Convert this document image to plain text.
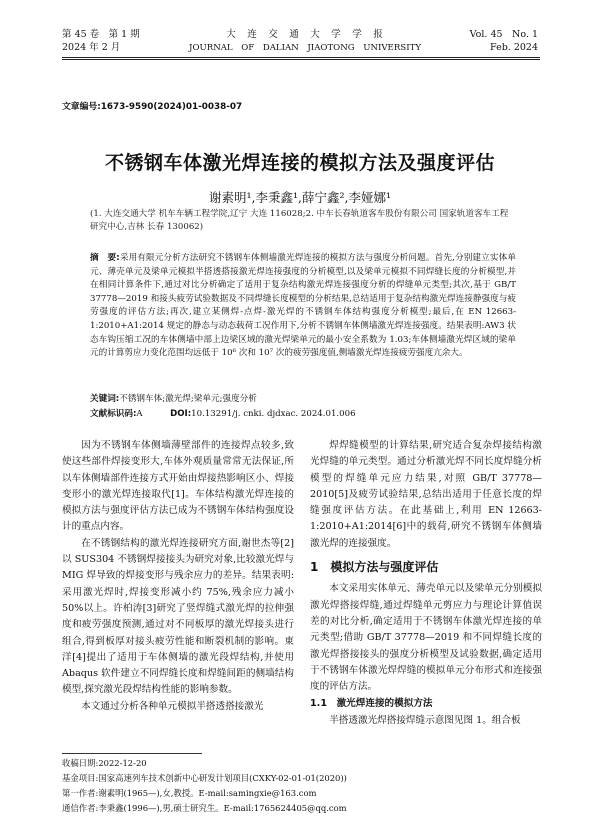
第 45 卷　第 1 期
2024 年 2 月
大　连　交　通　大　学　学　报
JOURNAL　OF　DALIAN　JIAOTONG　UNIVERSITY
Vol. 45　No. 1
Feb. 2024
文章编号:1673-9590(2024)01-0038-07
不锈钢车体激光焊连接的模拟方法及强度评估
谢素明¹,李秉鑫¹,薛宁鑫²,李娅娜¹
(1. 大连交通大学 机车车辆工程学院,辽宁 大连 116028;2. 中车长春轨道客车股份有限公司 国家轨道客车工程研究中心,吉林 长春 130062)
摘　要:采用有限元分析方法研究不锈钢车体侧墙激光焊连接的模拟方法与强度分析问题。首先,分别建立实体单元、薄壳单元及梁单元模拟半搭透搭接激光焊连接强度的分析模型,以及梁单元模拟不同焊缝长度的分析模型,并在相同计算条件下,通过对比分析确定了适用于复杂结构激光焊连接强度分析的焊缝单元类型;其次,基于 GB/T 37778—2019 和接头疲劳试验数据及不同焊缝长度模型的分析结果,总结适用于复杂结构激光焊连接静强度与疲劳强度的评估方法;再次,建立某侧焊-点焊-激光焊的不锈钢车体结构强度分析模型;最后,在 EN 12663-1:2010+A1:2014 规定的静态与动态载荷工况作用下,分析不锈钢车体侧墙激光焊连接强度。结果表明:AW3 状态车钩压缩工况的车体侧墙中部上边梁区域的激光焊梁单元的最小安全系数为 1.03;车体侧墙激光焊区域的梁单元的计算剪应力变化范围均远低于 10⁶ 次和 10⁷ 次的疲劳强度值,侧墙激光焊连接疲劳强度亢余大。
关键词:不锈钢车体;激光焊;梁单元;强度分析
文献标识码:A	DOI:10.13291/j. cnki. djdxac. 2024.01.006

因为不锈钢车体侧墙薄壁部件的连接焊点较多,致使这些部件焊接变形大,车体外观质量常常无法保证,所以车体侧墙部件连接方式开始由焊接热影响区小、焊接变形小的激光焊连接取代[1]。车体结构激光焊连接的模拟方法与强度评估方法已成为不锈钢车体结构强度设计的重点内容。

在不锈钢结构的激光焊连接研究方面,谢世杰等[2]以 SUS304 不锈钢焊接接头为研究对象,比较激光焊与 MIG 焊导致的焊接变形与残余应力的差异。结果表明:采用激光焊时,焊接变形减小约 75%,残余应力减小 50%以上。许柏涛[3]研究了竖焊缝式激光焊的拉伸强度和疲劳强度预测,通过对不同板厚的激光焊接头进行组合,得到板厚对接头疲劳性能和断裂机制的影响。東洋[4]提出了适用于车体侧墙的激光段焊结构,并使用 Abaqus 软件建立不同焊缝长度和焊缝间距的侧墙结构模型,探究激光段焊结构性能的影响参数。

本文通过分析各种单元模拟半搭透搭接激光

焊焊缝模型的计算结果,研究适合复杂焊接结构激光焊缝的单元类型。通过分析激光焊不同长度焊缝分析模型的焊缝单元应力结果,对照 GB/T 37778—2010[5]及疲劳试验结果,总结出适用于任意长度的焊缝强度评估方法。在此基础上,利用 EN 12663-1:2010+A1:2014[6]中的载荷,研究不锈钢车体侧墙激光焊的连接强度。

1　模拟方法与强度评估

本文采用实体单元、薄壳单元以及梁单元分别模拟激光焊搭接焊缝,通过焊缝单元剪应力与理论计算值误差的对比分析,确定适用于不锈钢车体激光焊连接的单元类型;借助 GB/T 37778—2019 和不同焊缝长度的激光焊搭接接头的强度分析模型及试验数据,确定适用于不锈钢车体激光焊焊缝的模拟单元分布形式和连接强度的评估方法。

1.1　激光焊连接的模拟方法

半搭透激光焊搭接焊缝示意图见图 1。组合板

收稿日期:2022-12-20
基金项目:国家高速列车技术创新中心研发计划项目(CXKY-02-01-01(2020))
第一作者:谢素明(1965—),女,教授。E-mail:samingxie@163.com
通信作者:李秉鑫(1996—),男,硕士研究生。E-mail:1765624405@qq.com
